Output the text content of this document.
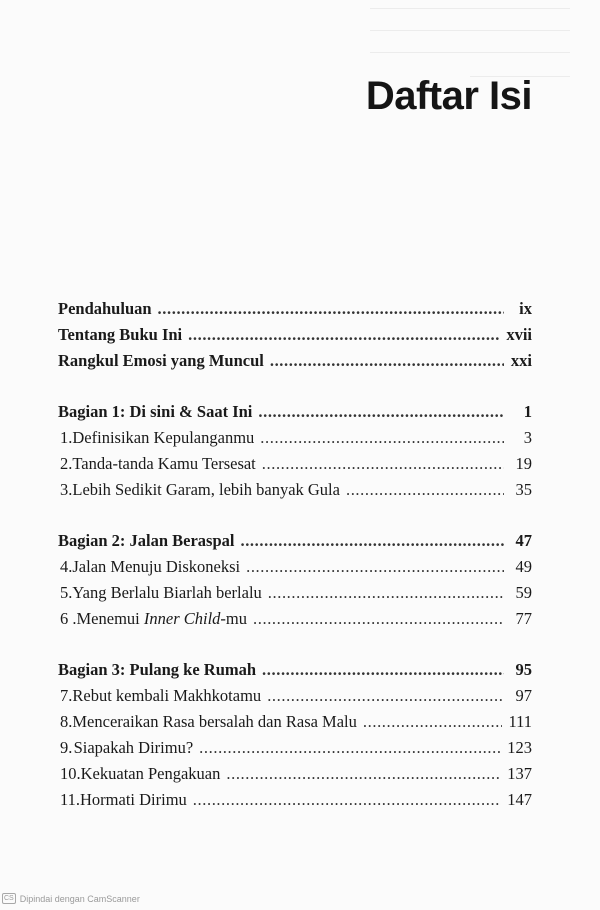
Daftar Isi
Pendahuluan .....	ix
Tentang Buku Ini .....	xvii
Rangkul Emosi yang Muncul .....	xxi
Bagian 1: Di sini & Saat Ini .....	1
1. Definisikan Kepulanganmu .....	3
2. Tanda-tanda Kamu Tersesat .....	19
3. Lebih Sedikit Garam, lebih banyak Gula .....	35
Bagian 2: Jalan Beraspal .....	47
4. Jalan Menuju Diskoneksi .....	49
5. Yang Berlalu Biarlah berlalu .....	59
6 . Menemui Inner Child-mu .....	77
Bagian 3: Pulang ke Rumah .....	95
7. Rebut kembali Makhkotamu .....	97
8. Menceraikan Rasa bersalah dan Rasa Malu .....	111
9. Siapakah Dirimu? .....	123
10. Kekuatan Pengakuan .....	137
11. Hormati Dirimu .....	147
CS Dipindai dengan CamScanner
